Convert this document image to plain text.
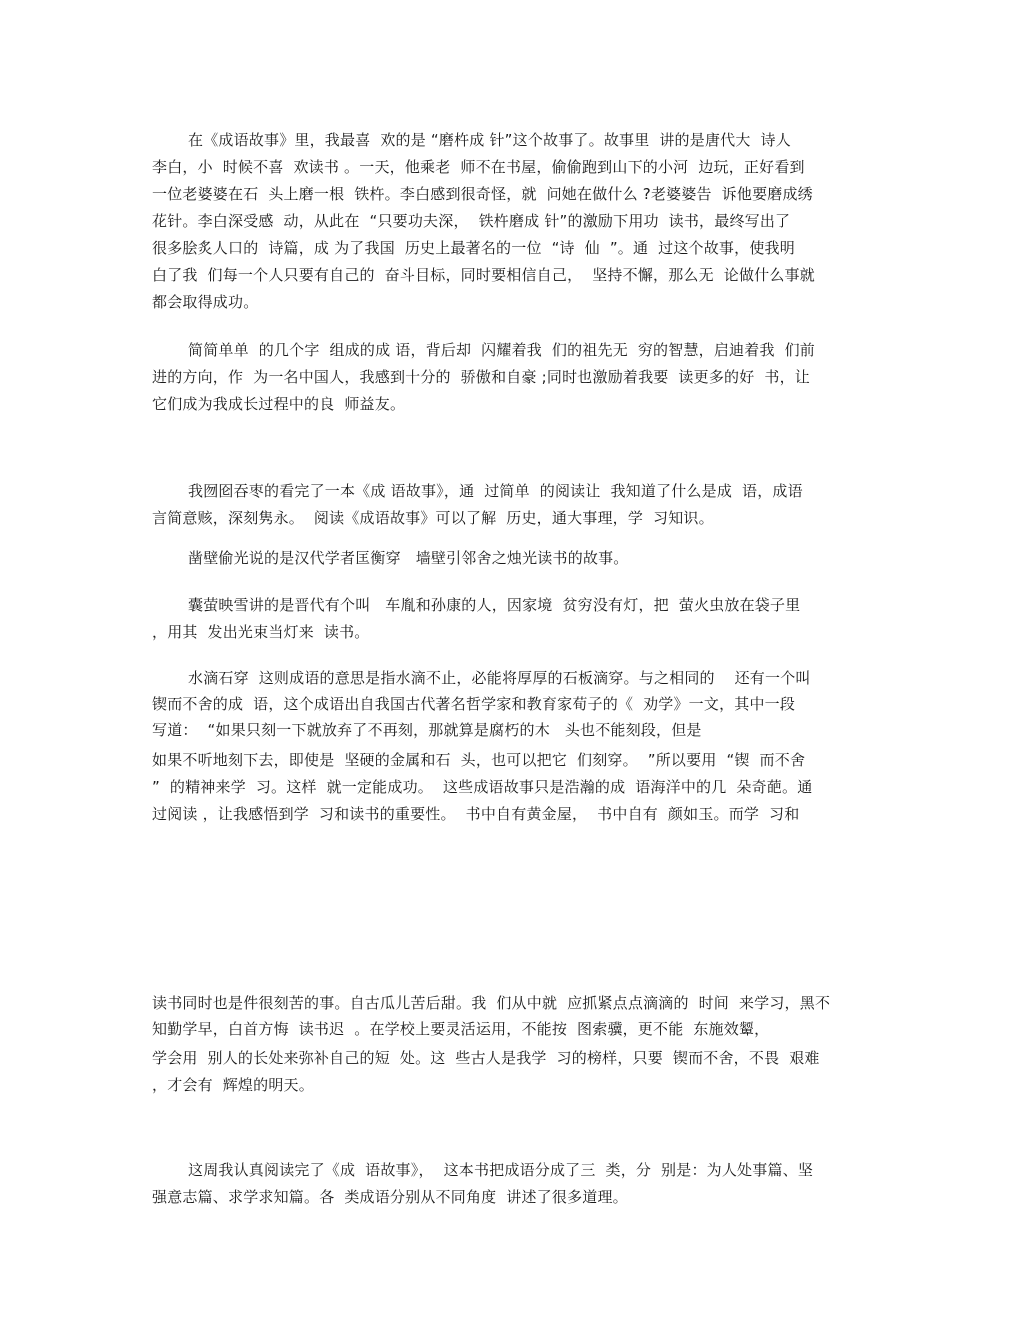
在《成语故事》里，我最喜  欢的是 “磨杵成 针”这个故事了。故事里  讲的是唐代大  诗人
李白，小  时候不喜  欢读书 。一天，他乘老  师不在书屋，偷偷跑到山下的小河  边玩，正好看到
一位老婆婆在石  头上磨一根  铁杵。李白感到很奇怪，就  问她在做什么 ?老婆婆告  诉他要磨成绣
花针。李白深受感  动，从此在  “只要功夫深，  铁杵磨成 针”的激励下用功  读书，最终写出了
很多脍炙人口的  诗篇，成 为了我国  历史上最著名的一位  “诗  仙  ”。通  过这个故事，使我明
白了我  们每一个人只要有自己的  奋斗目标，同时要相信自己，  坚持不懈，那么无  论做什么事就
都会取得成功。
简简单单  的几个字  组成的成 语，背后却  闪耀着我  们的祖先无  穷的智慧，启迪着我  们前
进的方向，作  为一名中国人，我感到十分的  骄傲和自豪 ;同时也激励着我要  读更多的好  书，让
它们成为我成长过程中的良  师益友。
我囫囵吞枣的看完了一本《成 语故事》，通  过简单  的阅读让  我知道了什么是成  语，成语
言简意赅，深刻隽永。  阅读《成语故事》可以了解  历史，通大事理，学  习知识。
凿壁偷光说的是汉代学者匡衡穿   墙壁引邻舍之烛光读书的故事。
囊萤映雪讲的是晋代有个叫   车胤和孙康的人，因家境  贫穷没有灯，把  萤火虫放在袋子里
，用其  发出光束当灯来  读书。
水滴石穿  这则成语的意思是指水滴不止，必能将厚厚的石板滴穿。与之相同的    还有一个叫
锲而不舍的成  语，这个成语出自我国古代著名哲学家和教育家荀子的《  劝学》一文，其中一段
写道：  “如果只刻一下就放弃了不再刻，那就算是腐朽的木   头也不能刻段，但是
如果不听地刻下去，即使是  坚硬的金属和石  头，也可以把它  们刻穿。  ”所以要用  “锲  而不舍
”  的精神来学  习。这样  就一定能成功。  这些成语故事只是浩瀚的成  语海洋中的几  朵奇葩。通
过阅读 ，让我感悟到学  习和读书的重要性。  书中自有黄金屋，  书中自有  颜如玉。而学  习和
读书同时也是件很刻苦的事。自古瓜儿苦后甜。我  们从中就  应抓紧点点滴滴的  时间  来学习，黑不
知勤学早，白首方悔  读书迟  。在学校上要灵活运用，不能按  图索骥，更不能  东施效颦，
学会用  别人的长处来弥补自己的短  处。这  些古人是我学  习的榜样，只要  锲而不舍，不畏  艰难
，才会有  辉煌的明天。
这周我认真阅读完了《成  语故事》，  这本书把成语分成了三  类，分  别是：为人处事篇、坚
强意志篇、求学求知篇。各  类成语分别从不同角度  讲述了很多道理。
